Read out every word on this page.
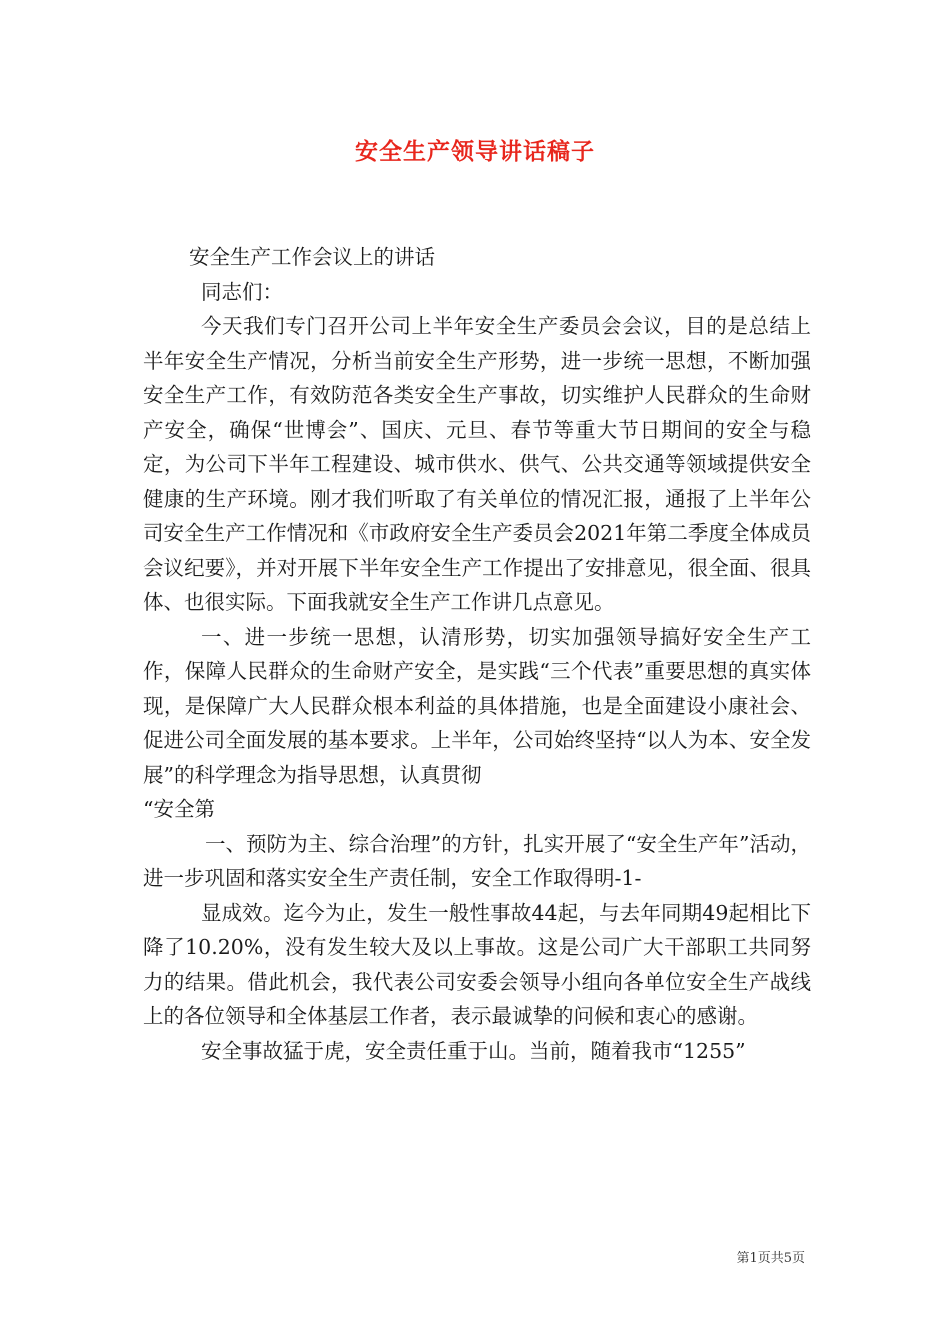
安全生产领导讲话稿子

安全生产工作会议上的讲话

同志们：

今天我们专门召开公司上半年安全生产委员会会议，目的是总结上半年安全生产情况，分析当前安全生产形势，进一步统一思想，不断加强安全生产工作，有效防范各类安全生产事故，切实维护人民群众的生命财产安全，确保“世博会”、国庆、元旦、春节等重大节日期间的安全与稳定，为公司下半年工程建设、城市供水、供气、公共交通等领域提供安全健康的生产环境。刚才我们听取了有关单位的情况汇报，通报了上半年公司安全生产工作情况和《市政府安全生产委员会2021年第二季度全体成员会议纪要》，并对开展下半年安全生产工作提出了安排意见，很全面、很具体、也很实际。下面我就安全生产工作讲几点意见。

一、进一步统一思想，认清形势，切实加强领导搞好安全生产工作，保障人民群众的生命财产安全，是实践“三个代表”重要思想的真实体现，是保障广大人民群众根本利益的具体措施，也是全面建设小康社会、促进公司全面发展的基本要求。上半年，公司始终坚持“以人为本、安全发展”的科学理念为指导思想，认真贯彻

“安全第

一、预防为主、综合治理”的方针，扎实开展了“安全生产年”活动，进一步巩固和落实安全生产责任制，安全工作取得明-1-

显成效。迄今为止，发生一般性事故44起，与去年同期49起相比下降了10.20%，没有发生较大及以上事故。这是公司广大干部职工共同努力的结果。借此机会，我代表公司安委会领导小组向各单位安全生产战线上的各位领导和全体基层工作者，表示最诚挚的问候和衷心的感谢。

安全事故猛于虎，安全责任重于山。当前，随着我市“1255”

第1页共5页
